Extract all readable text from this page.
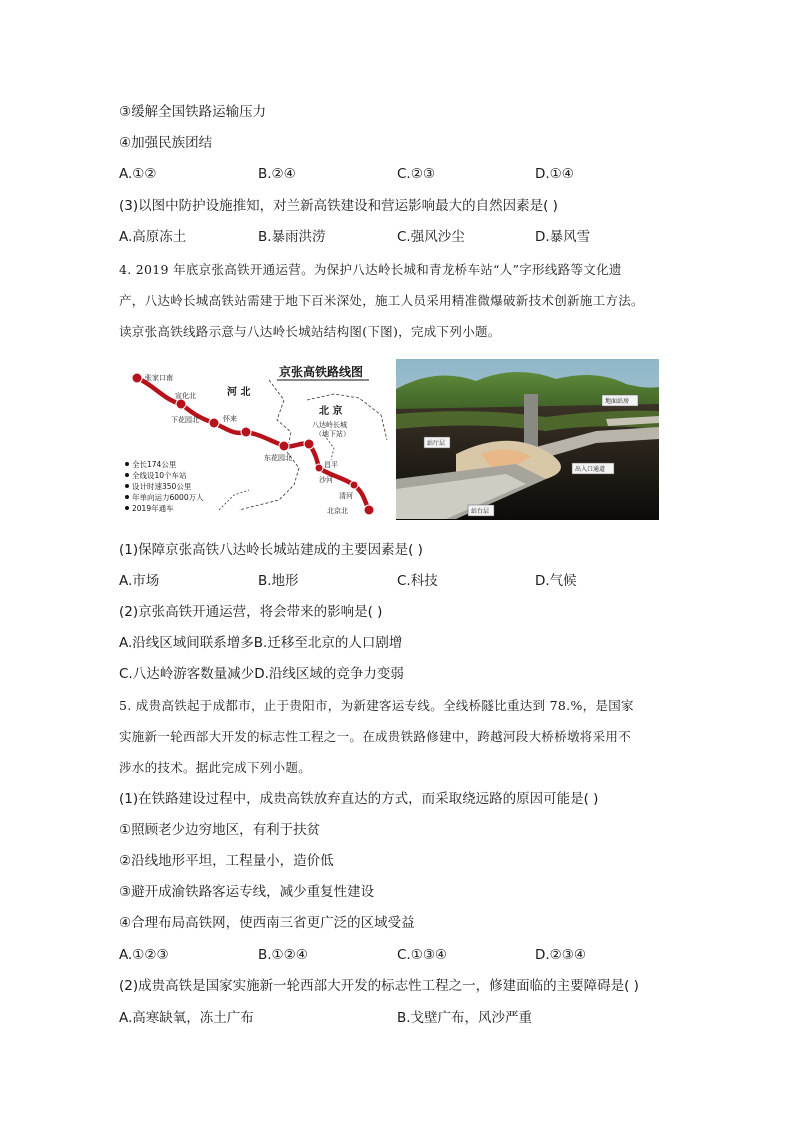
③缓解全国铁路运输压力
④加强民族团结
A.①②	B.②④	C.②③	D.①④
(3)以图中防护设施推知，对兰新高铁建设和营运影响最大的自然因素是( )
A.高原冻土	B.暴雨洪涝	C.强风沙尘	D.暴风雪
4. 2019 年底京张高铁开通运营。为保护八达岭长城和青龙桥车站“人”字形线路等文化遗
产，八达岭长城高铁站需建于地下百米深处，施工人员采用精准微爆破新技术创新施工方法。
读京张高铁线路示意与八达岭长城站结构图(下图)，完成下列小题。
京张高铁路线图
河 北
北 京
张家口南
宣化北
下花园北	怀来
东花园北
八达岭长城
（地下站）
昌平
沙河
清河
北京北
全长174公里
全线设10个车站
设计时速350公里
年单向运力6000万人
2019年通车
地面站房
站厅层
出入口通道
站台层
(1)保障京张高铁八达岭长城站建成的主要因素是( )
A.市场	B.地形	C.科技	D.气候
(2)京张高铁开通运营，将会带来的影响是( )
A.沿线区域间联系增多B.迁移至北京的人口剧增
C.八达岭游客数量减少D.沿线区域的竞争力变弱
5. 成贵高铁起于成都市，止于贵阳市，为新建客运专线。全线桥隧比重达到 78.%，是国家
实施新一轮西部大开发的标志性工程之一。在成贵铁路修建中，跨越河段大桥桥墩将采用不
涉水的技术。据此完成下列小题。
(1)在铁路建设过程中，成贵高铁放弃直达的方式，而采取绕远路的原因可能是( )
①照顾老少边穷地区，有利于扶贫
②沿线地形平坦，工程量小，造价低
③避开成渝铁路客运专线，减少重复性建设
④合理布局高铁网，使西南三省更广泛的区域受益
A.①②③	B.①②④	C.①③④	D.②③④
(2)成贵高铁是国家实施新一轮西部大开发的标志性工程之一，修建面临的主要障碍是( )
A.高寒缺氧，冻土广布	B.戈壁广布，风沙严重
